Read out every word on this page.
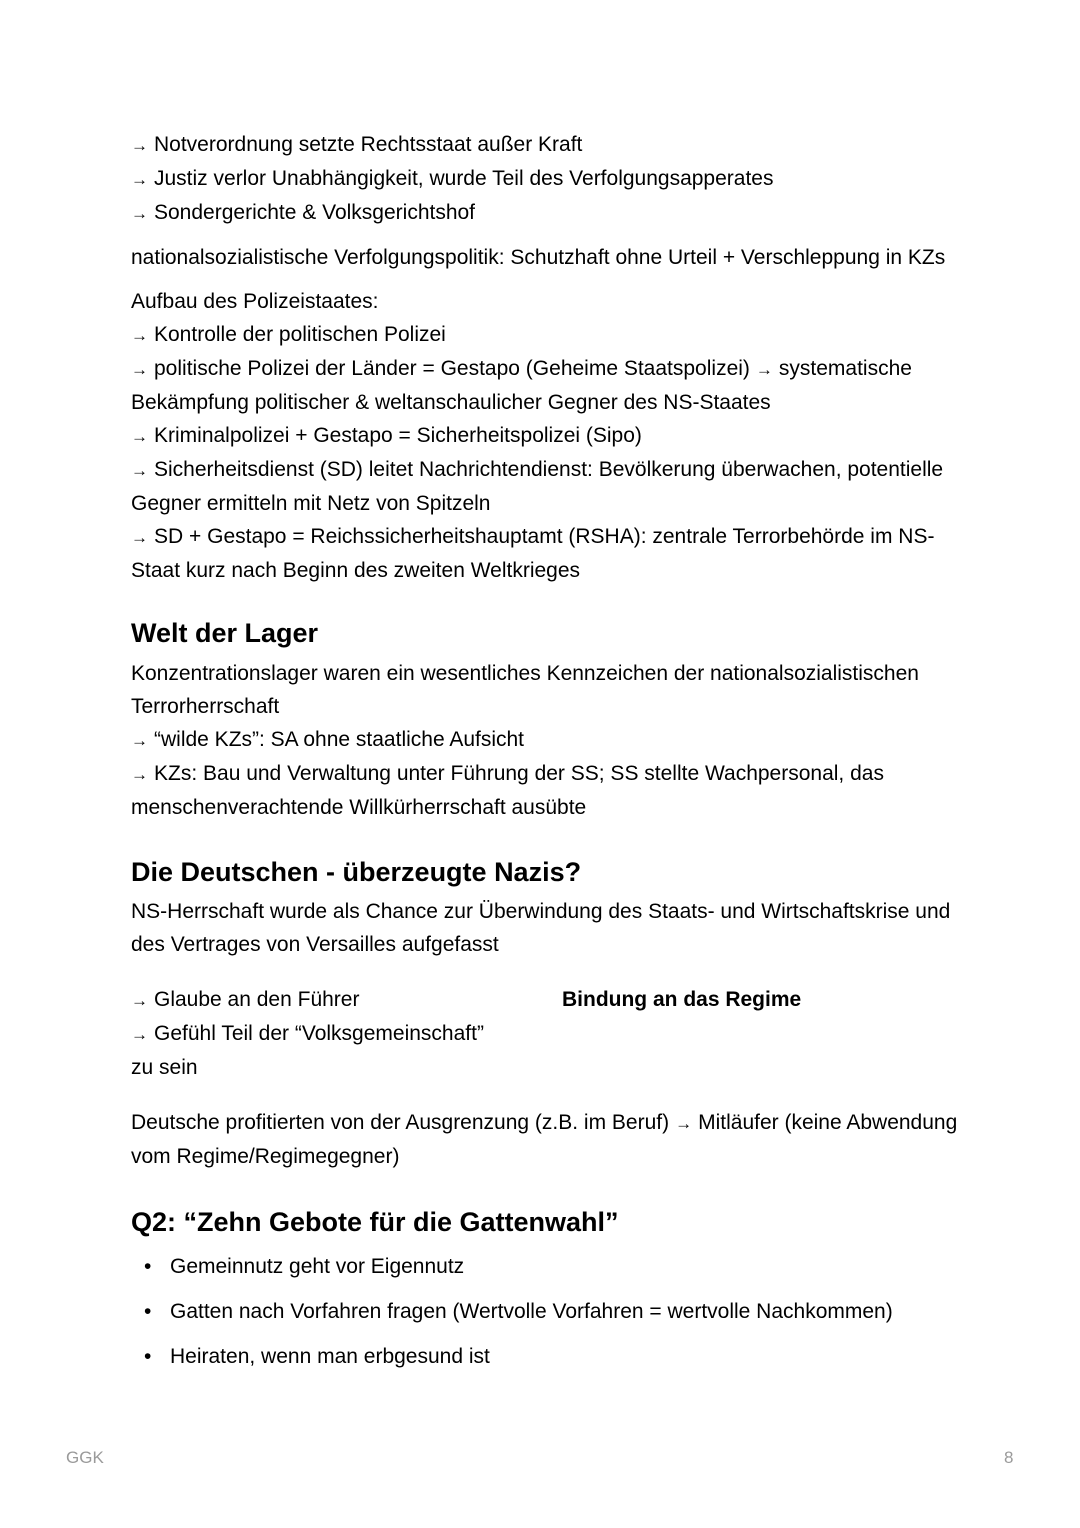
→ Notverordnung setzte Rechtsstaat außer Kraft

→ Justiz verlor Unabhängigkeit, wurde Teil des Verfolgungsapperates

→ Sondergerichte & Volksgerichtshof

nationalsozialistische Verfolgungspolitik: Schutzhaft ohne Urteil + Verschleppung in KZs

Aufbau des Polizeistaates:

→ Kontrolle der politischen Polizei

→ politische Polizei der Länder = Gestapo (Geheime Staatspolizei) → systematische Bekämpfung politischer & weltanschaulicher Gegner des NS-Staates

→ Kriminalpolizei + Gestapo = Sicherheitspolizei (Sipo)

→ Sicherheitsdienst (SD) leitet Nachrichtendienst: Bevölkerung überwachen, potentielle Gegner ermitteln mit Netz von Spitzeln

→ SD + Gestapo = Reichssicherheitshauptamt (RSHA): zentrale Terrorbehörde im NS-Staat kurz nach Beginn des zweiten Weltkrieges

Welt der Lager

Konzentrationslager waren ein wesentliches Kennzeichen der nationalsozialistischen Terrorherrschaft

→ “wilde KZs”: SA ohne staatliche Aufsicht

→ KZs: Bau und Verwaltung unter Führung der SS; SS stellte Wachpersonal, das menschenverachtende Willkürherrschaft ausübte

Die Deutschen - überzeugte Nazis?

NS-Herrschaft wurde als Chance zur Überwindung des Staats- und Wirtschaftskrise und des Vertrages von Versailles aufgefasst

→ Glaube an den Führer

→ Gefühl Teil der “Volksgemeinschaft” zu sein

Bindung an das Regime

Deutsche profitierten von der Ausgrenzung (z.B. im Beruf) → Mitläufer (keine Abwendung vom Regime/Regimegegner)

Q2: “Zehn Gebote für die Gattenwahl”
• Gemeinnutz geht vor Eigennutz
• Gatten nach Vorfahren fragen (Wertvolle Vorfahren = wertvolle Nachkommen)
• Heiraten, wenn man erbgesund ist
GGK	8
